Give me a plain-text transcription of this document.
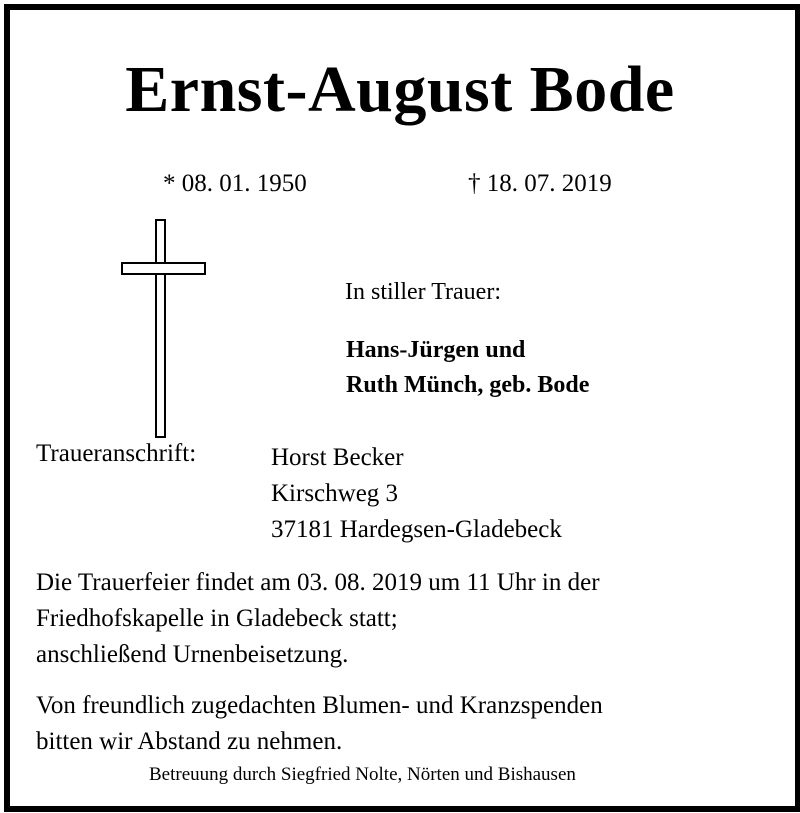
Ernst-August Bode
* 08. 01. 1950	† 18. 07. 2019
In stiller Trauer:
Hans-Jürgen und
Ruth Münch, geb. Bode
Traueranschrift:	Horst Becker
Kirschweg 3
37181 Hardegsen-Gladebeck
Die Trauerfeier findet am 03. 08. 2019 um 11 Uhr in der
Friedhofskapelle in Gladebeck statt;
anschließend Urnenbeisetzung.
Von freundlich zugedachten Blumen- und Kranzspenden
bitten wir Abstand zu nehmen.
Betreuung durch Siegfried Nolte, Nörten und Bishausen
